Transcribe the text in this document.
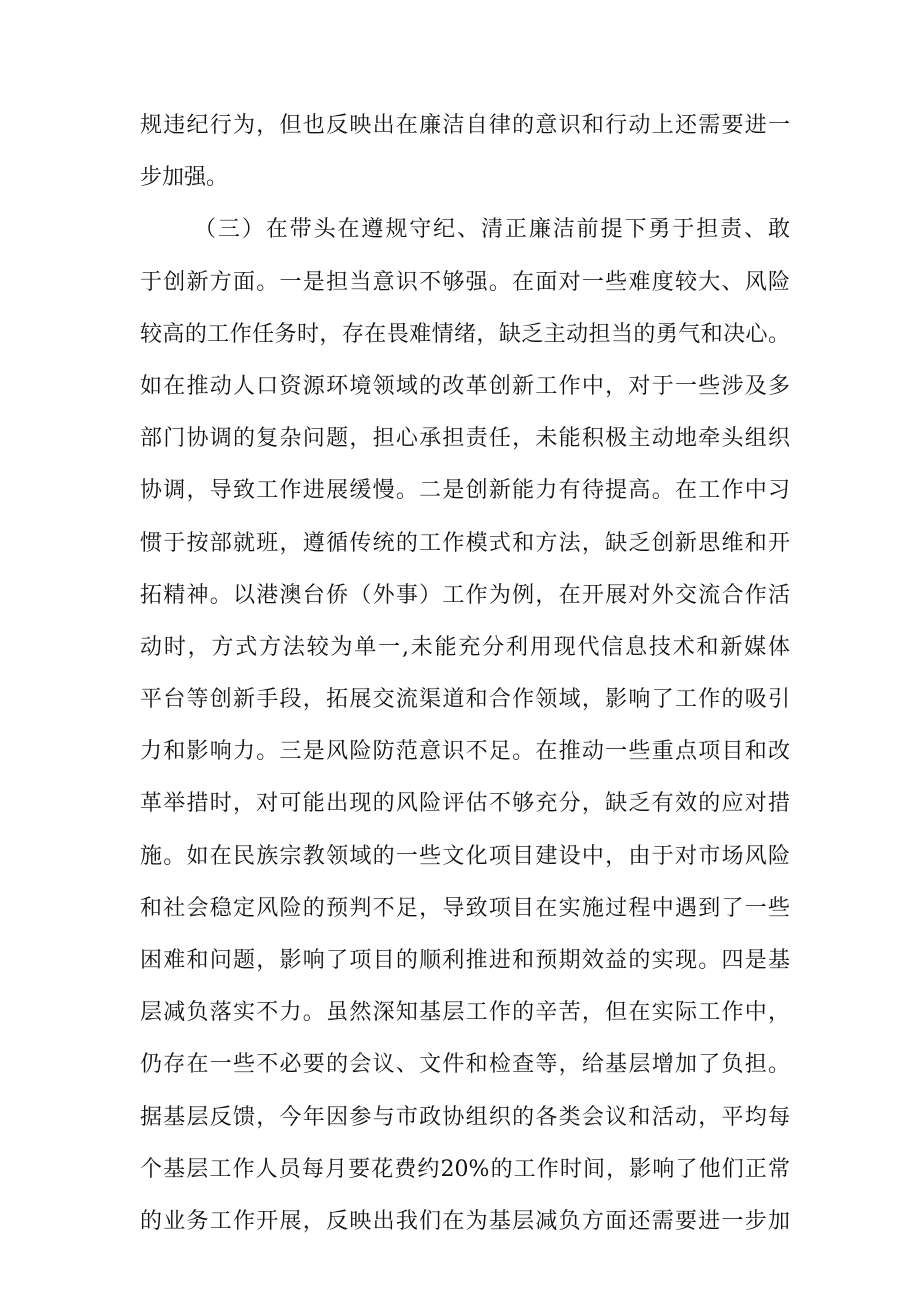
规违纪行为，但也反映出在廉洁自律的意识和行动上还需要进一
步加强。
（三）在带头在遵规守纪、清正廉洁前提下勇于担责、敢
于创新方面。一是担当意识不够强。在面对一些难度较大、风险
较高的工作任务时，存在畏难情绪，缺乏主动担当的勇气和决心。
如在推动人口资源环境领域的改革创新工作中，对于一些涉及多
部门协调的复杂问题，担心承担责任，未能积极主动地牵头组织
协调，导致工作进展缓慢。二是创新能力有待提高。在工作中习
惯于按部就班，遵循传统的工作模式和方法，缺乏创新思维和开
拓精神。以港澳台侨（外事）工作为例，在开展对外交流合作活
动时，方式方法较为单一,未能充分利用现代信息技术和新媒体
平台等创新手段，拓展交流渠道和合作领域，影响了工作的吸引
力和影响力。三是风险防范意识不足。在推动一些重点项目和改
革举措时，对可能出现的风险评估不够充分，缺乏有效的应对措
施。如在民族宗教领域的一些文化项目建设中，由于对市场风险
和社会稳定风险的预判不足，导致项目在实施过程中遇到了一些
困难和问题，影响了项目的顺利推进和预期效益的实现。四是基
层减负落实不力。虽然深知基层工作的辛苦，但在实际工作中，
仍存在一些不必要的会议、文件和检查等，给基层增加了负担。
据基层反馈，今年因参与市政协组织的各类会议和活动，平均每
个基层工作人员每月要花费约20%的工作时间，影响了他们正常
的业务工作开展，反映出我们在为基层减负方面还需要进一步加
